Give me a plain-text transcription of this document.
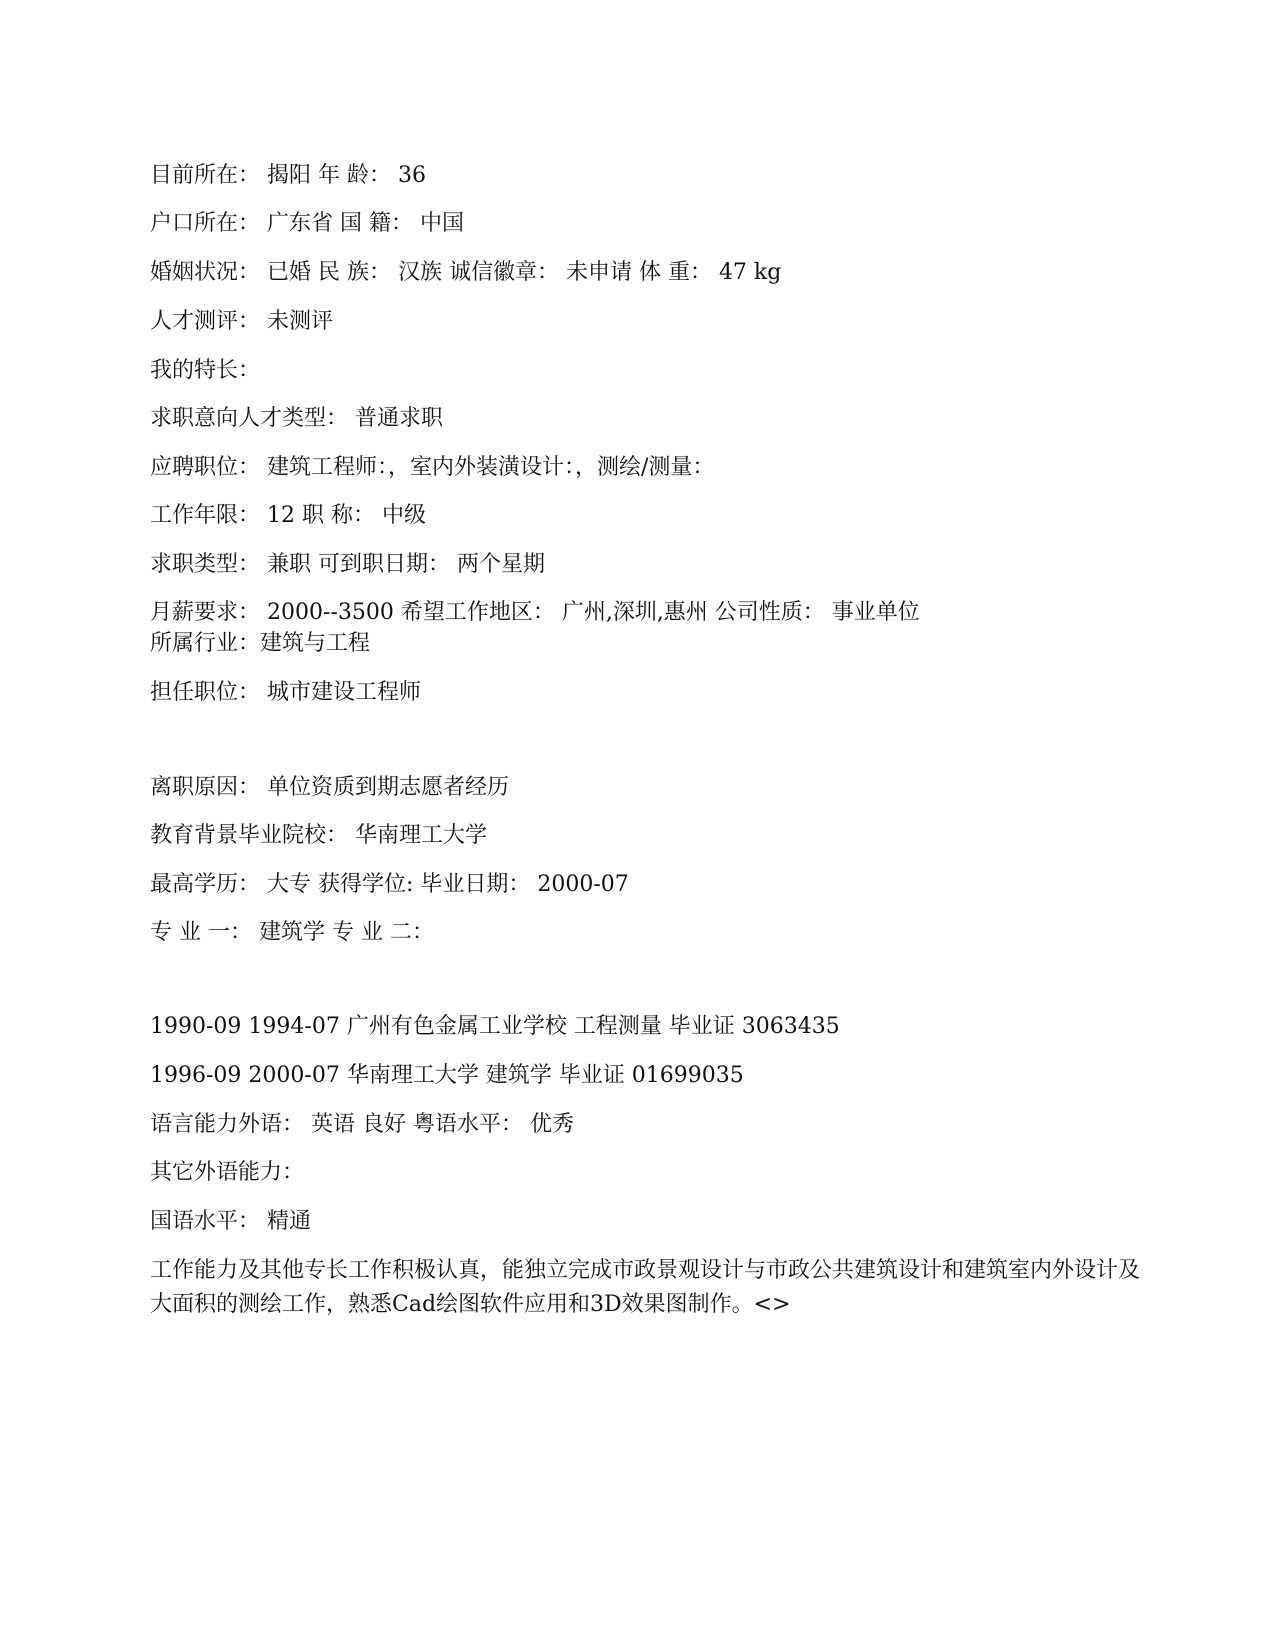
目前所在： 揭阳 年 龄： 36

户口所在： 广东省 国 籍： 中国

婚姻状况： 已婚 民 族： 汉族 诚信徽章： 未申请 体 重： 47 kg

人才测评： 未测评

我的特长：

求职意向人才类型： 普通求职

应聘职位： 建筑工程师：，室内外装潢设计：，测绘/测量：

工作年限： 12 职 称： 中级

求职类型： 兼职 可到职日期： 两个星期

月薪要求： 2000--3500 希望工作地区： 广州,深圳,惠州 公司性质： 事业单位

所属行业：建筑与工程

担任职位： 城市建设工程师

离职原因： 单位资质到期志愿者经历

教育背景毕业院校： 华南理工大学

最高学历： 大专 获得学位: 毕业日期： 2000-07

专 业 一： 建筑学 专 业 二：

1990-09 1994-07 广州有色金属工业学校 工程测量 毕业证 3063435

1996-09 2000-07 华南理工大学 建筑学 毕业证 01699035

语言能力外语： 英语 良好 粤语水平： 优秀

其它外语能力：

国语水平： 精通

工作能力及其他专长工作积极认真，能独立完成市政景观设计与市政公共建筑设计和建筑室内外设计及大面积的测绘工作，熟悉Cad绘图软件应用和3D效果图制作。<>
